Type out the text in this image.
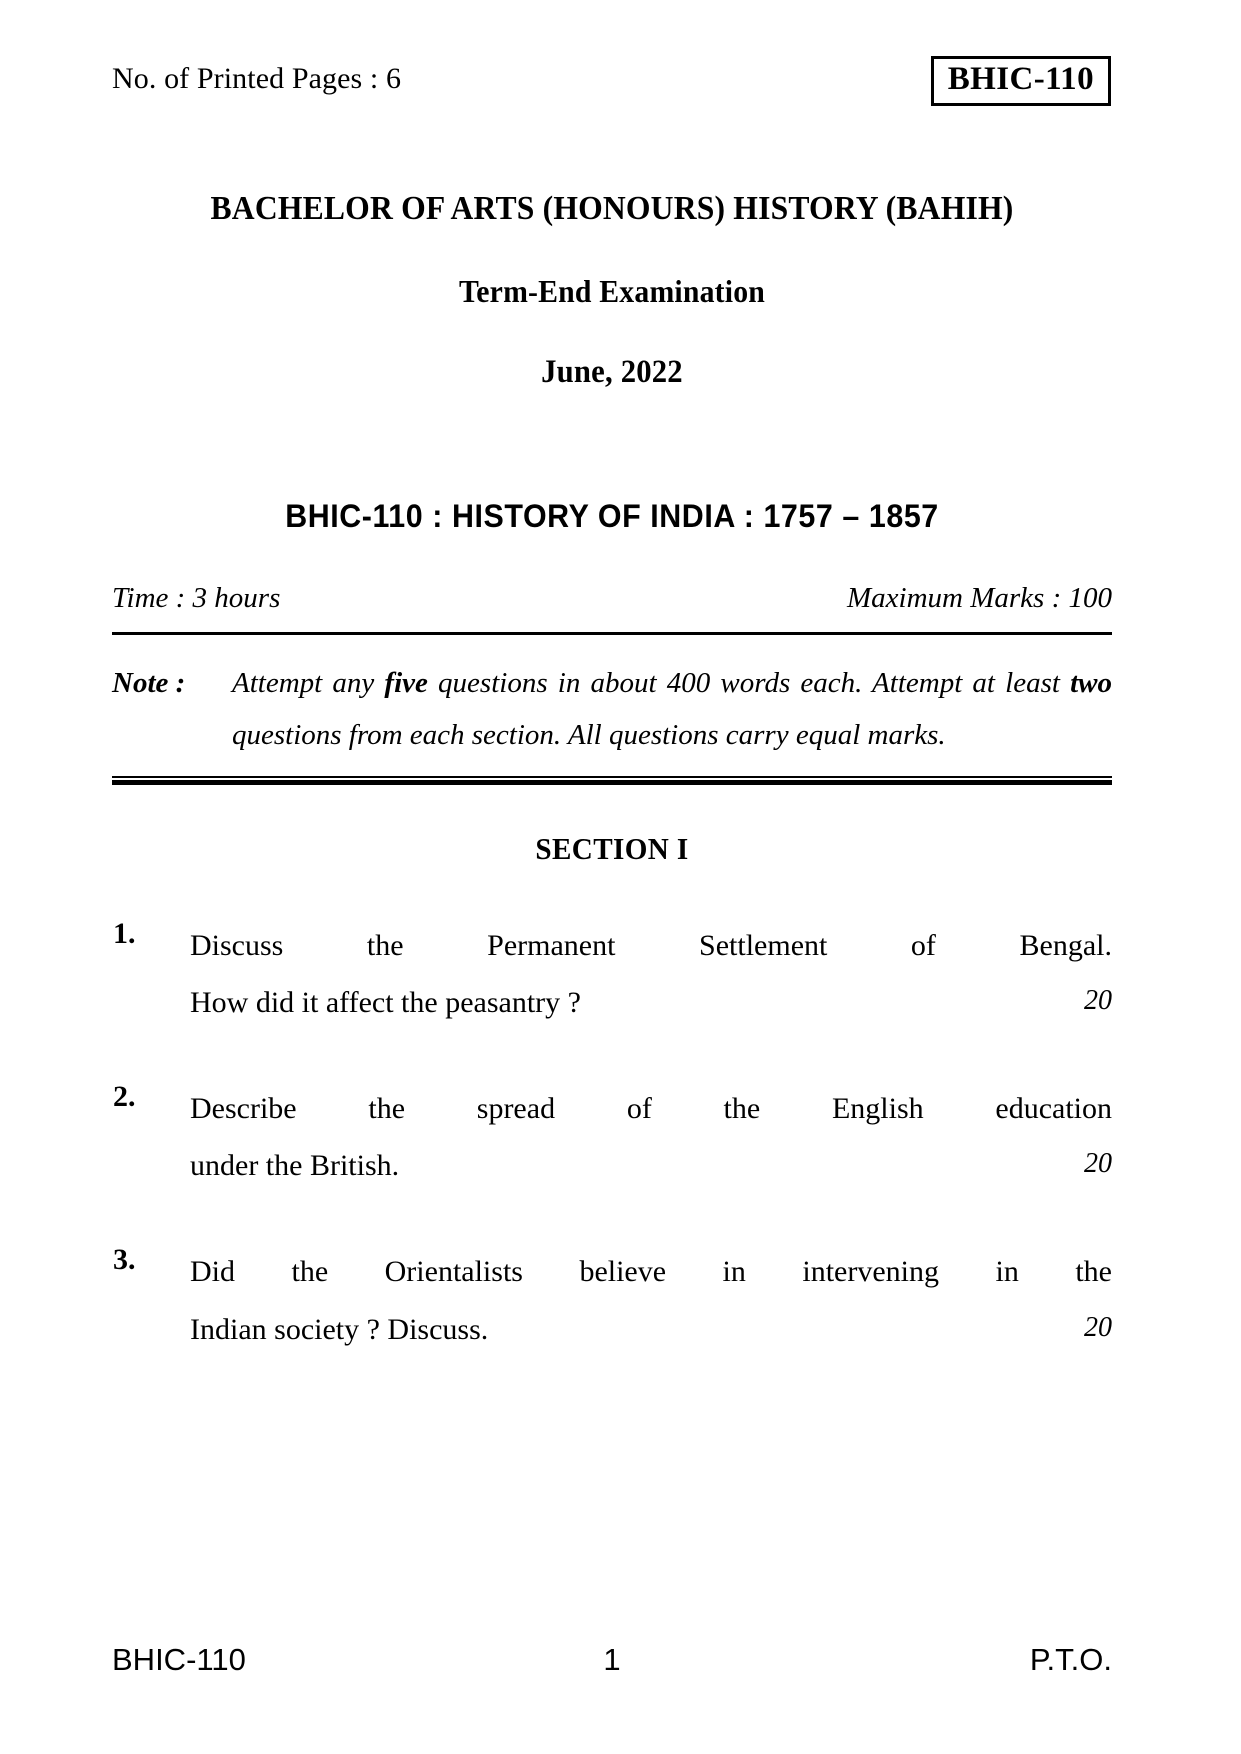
No. of Printed Pages : 6	BHIC-110
BACHELOR OF ARTS (HONOURS) HISTORY (BAHIH)
Term-End Examination
June, 2022
BHIC-110 : HISTORY OF INDIA : 1757 – 1857
Time : 3 hours	Maximum Marks : 100
Note : Attempt any five questions in about 400 words each. Attempt at least two questions from each section. All questions carry equal marks.
SECTION I
1.	Discuss the Permanent Settlement of Bengal.
How did it affect the peasantry ?	20
2.	Describe the spread of the English education
under the British.	20
3.	Did the Orientalists believe in intervening in the
Indian society ? Discuss.	20
BHIC-110	1	P.T.O.
